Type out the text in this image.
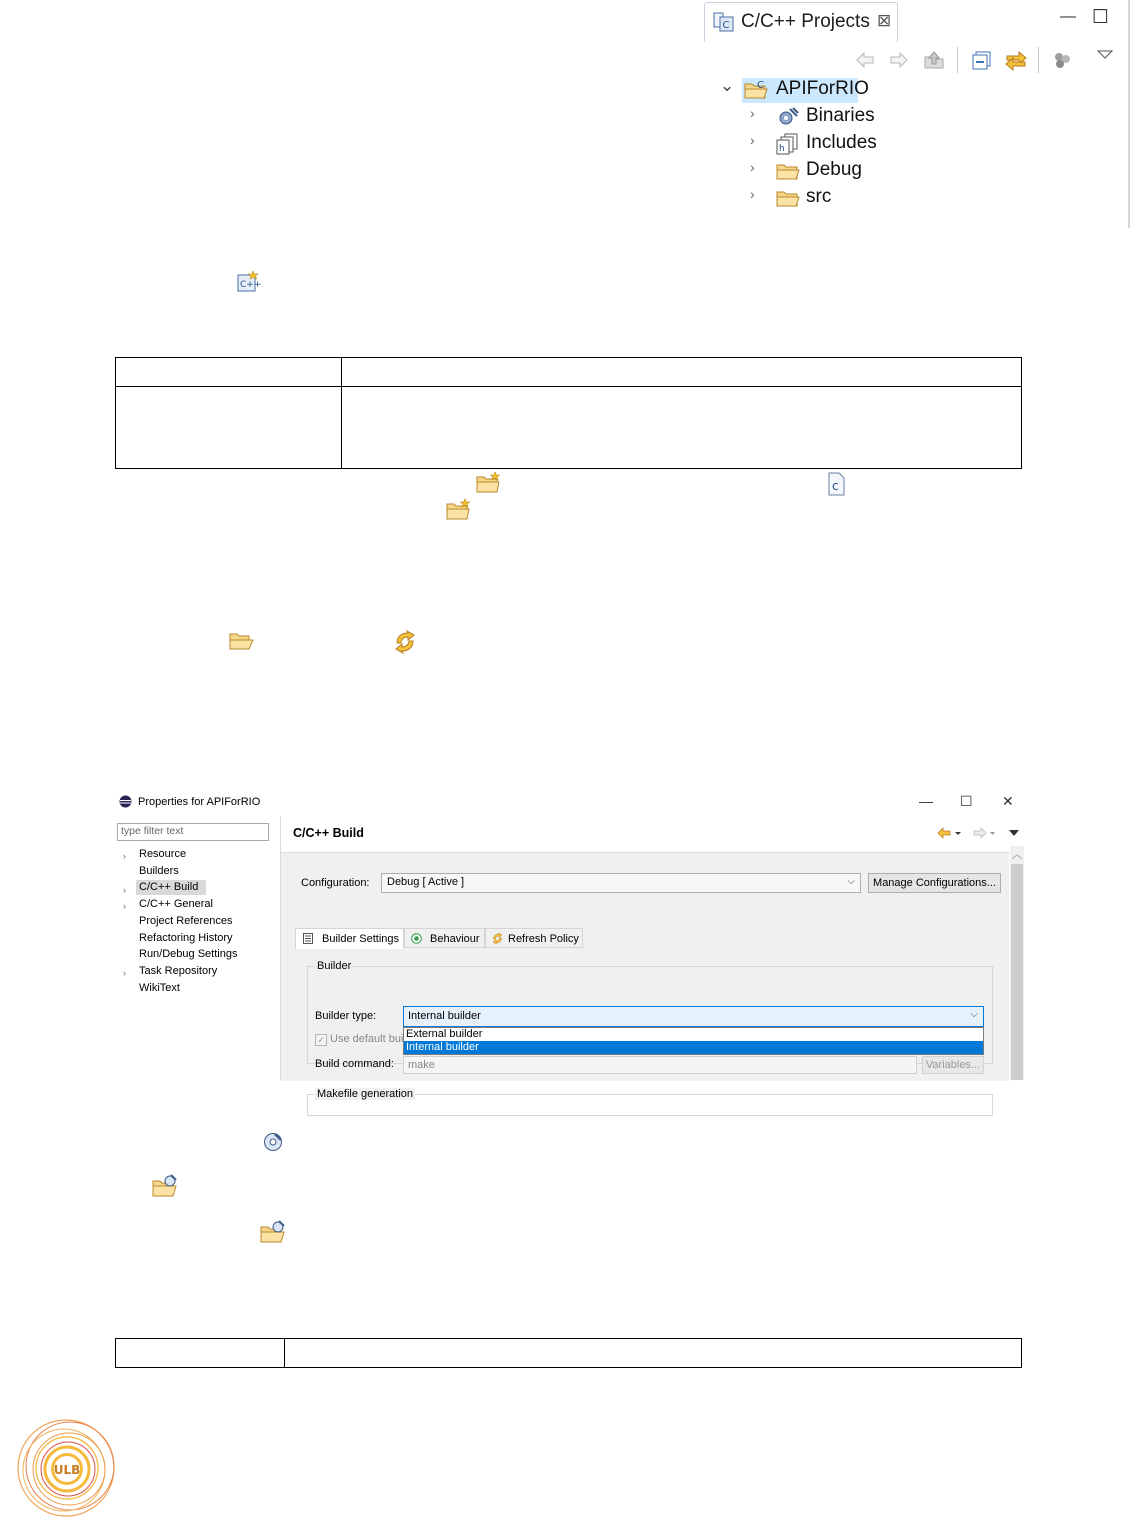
C C/C++ Projects ⊠	— ☐
⌄	C APIForRIO
›	Binaries
›
h Includes
›	Debug
›	src
C++

c
Properties for APIForRIO	— ☐ ✕
type filter text
› Resource
Builders
› C/C++ Build
› C/C++ General
Project References
Refactoring History
Run/Debug Settings
› Task Repository
WikiText
C/C++ Build
︿
Configuration:	Debug [ Active ]	⌵	Manage Configurations...
Builder Settings	Behaviour	Refresh Policy
Builder
Builder type:	Internal builder	⌵
✓ Use default bui
Build command:	make	Variables...
External builder
Internal builder
Makefile generation

ULB
